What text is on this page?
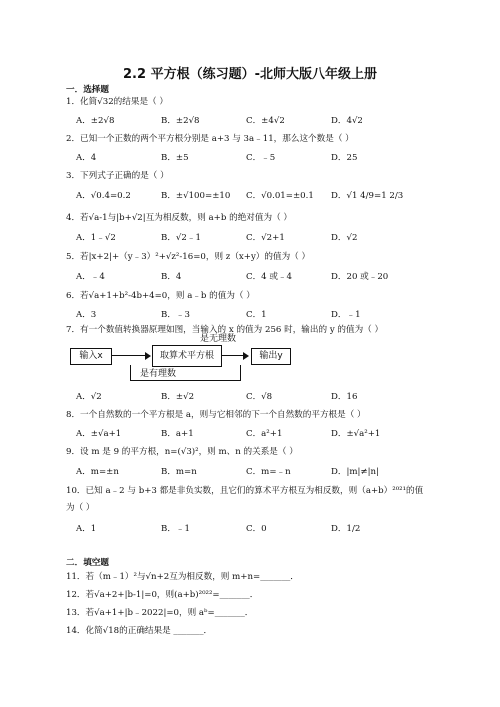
2.2 平方根（练习题）-北师大版八年级上册
一．选择题
1．化简√32的结果是（ ）
A．±2√8	B．±2√8	C．±4√2	D．4√2
2．已知一个正数的两个平方根分别是 a+3 与 3a﹣11，那么这个数是（ ）
A．4	B．±5	C．﹣5	D．25
3．下列式子正确的是（ ）
A．√0.4=0.2	B．±√100=±10	C．√0.01=±0.1	D．√1 4/9=1 2/3
4．若√a-1与|b+√2|互为相反数，则 a+b 的绝对值为（ ）
A．1﹣√2	B．√2﹣1	C．√2+1	D．√2
5．若|x+2|+（y﹣3）²+√z²-16=0，则 z（x+y）的值为（ ）
A．﹣4	B．4	C．4 或﹣4	D．20 或﹣20
6．若√a+1+b²-4b+4=0，则 a﹣b 的值为（ ）
A．3	B．﹣3	C．1	D．﹣1
7．有一个数值转换器原理如图，当输入的 x 的值为 256 时，输出的 y 的值为（ ）
输入x	取算术平方根	输出y
是无理数
是有理数
A．√2	B．±√2	C．√8	D．16
8．一个自然数的一个平方根是 a，则与它相邻的下一个自然数的平方根是（ ）
A．±√a+1	B．a+1	C．a²+1	D．±√a²+1
9．设 m 是 9 的平方根，n=(√3)²，则 m、n 的关系是（ ）
A．m=±n	B．m=n	C．m=﹣n	D．|m|≠|n|
10．已知 a﹣2 与 b+3 都是非负实数，且它们的算术平方根互为相反数，则（a+b）²⁰²¹的值
为（ ）
A．1	B．﹣1	C．0	D．1/2
二．填空题
11．若（m﹣1）²与√n+2互为相反数，则 m+n=_______．
12．若√a+2+|b-1|=0，则(a+b)²⁰²²=_______．
13．若√a+1+|b﹣2022|=0，则 aᵇ=_______．
14．化简√18的正确结果是 _______．
